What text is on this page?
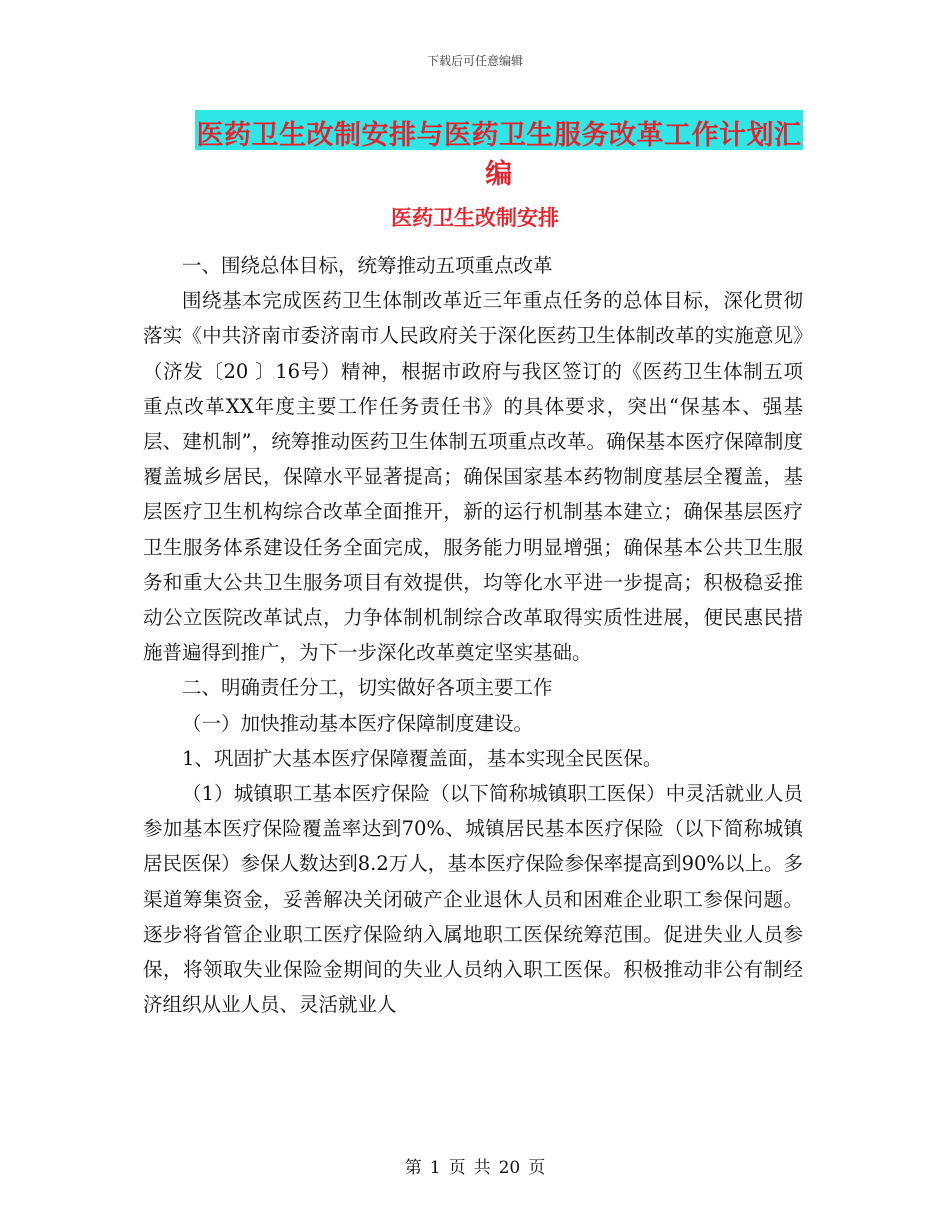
下载后可任意编辑
医药卫生改制安排与医药卫生服务改革工作计划汇编
医药卫生改制安排

一、围绕总体目标，统筹推动五项重点改革

围绕基本完成医药卫生体制改革近三年重点任务的总体目标，深化贯彻落实《中共济南市委济南市人民政府关于深化医药卫生体制改革的实施意见》（济发〔20 〕16号）精神，根据市政府与我区签订的《医药卫生体制五项重点改革XX年度主要工作任务责任书》的具体要求，突出“保基本、强基层、建机制”，统筹推动医药卫生体制五项重点改革。确保基本医疗保障制度覆盖城乡居民，保障水平显著提高；确保国家基本药物制度基层全覆盖，基层医疗卫生机构综合改革全面推开，新的运行机制基本建立；确保基层医疗卫生服务体系建设任务全面完成，服务能力明显增强；确保基本公共卫生服务和重大公共卫生服务项目有效提供，均等化水平进一步提高；积极稳妥推动公立医院改革试点，力争体制机制综合改革取得实质性进展，便民惠民措施普遍得到推广，为下一步深化改革奠定坚实基础。

二、明确责任分工，切实做好各项主要工作

（一）加快推动基本医疗保障制度建设。

1、巩固扩大基本医疗保障覆盖面，基本实现全民医保。

（1）城镇职工基本医疗保险（以下简称城镇职工医保）中灵活就业人员参加基本医疗保险覆盖率达到70%、城镇居民基本医疗保险（以下简称城镇居民医保）参保人数达到8.2万人，基本医疗保险参保率提高到90%以上。多渠道筹集资金，妥善解决关闭破产企业退休人员和困难企业职工参保问题。逐步将省管企业职工医疗保险纳入属地职工医保统筹范围。促进失业人员参保，将领取失业保险金期间的失业人员纳入职工医保。积极推动非公有制经济组织从业人员、灵活就业人

第 1 页 共 20 页
